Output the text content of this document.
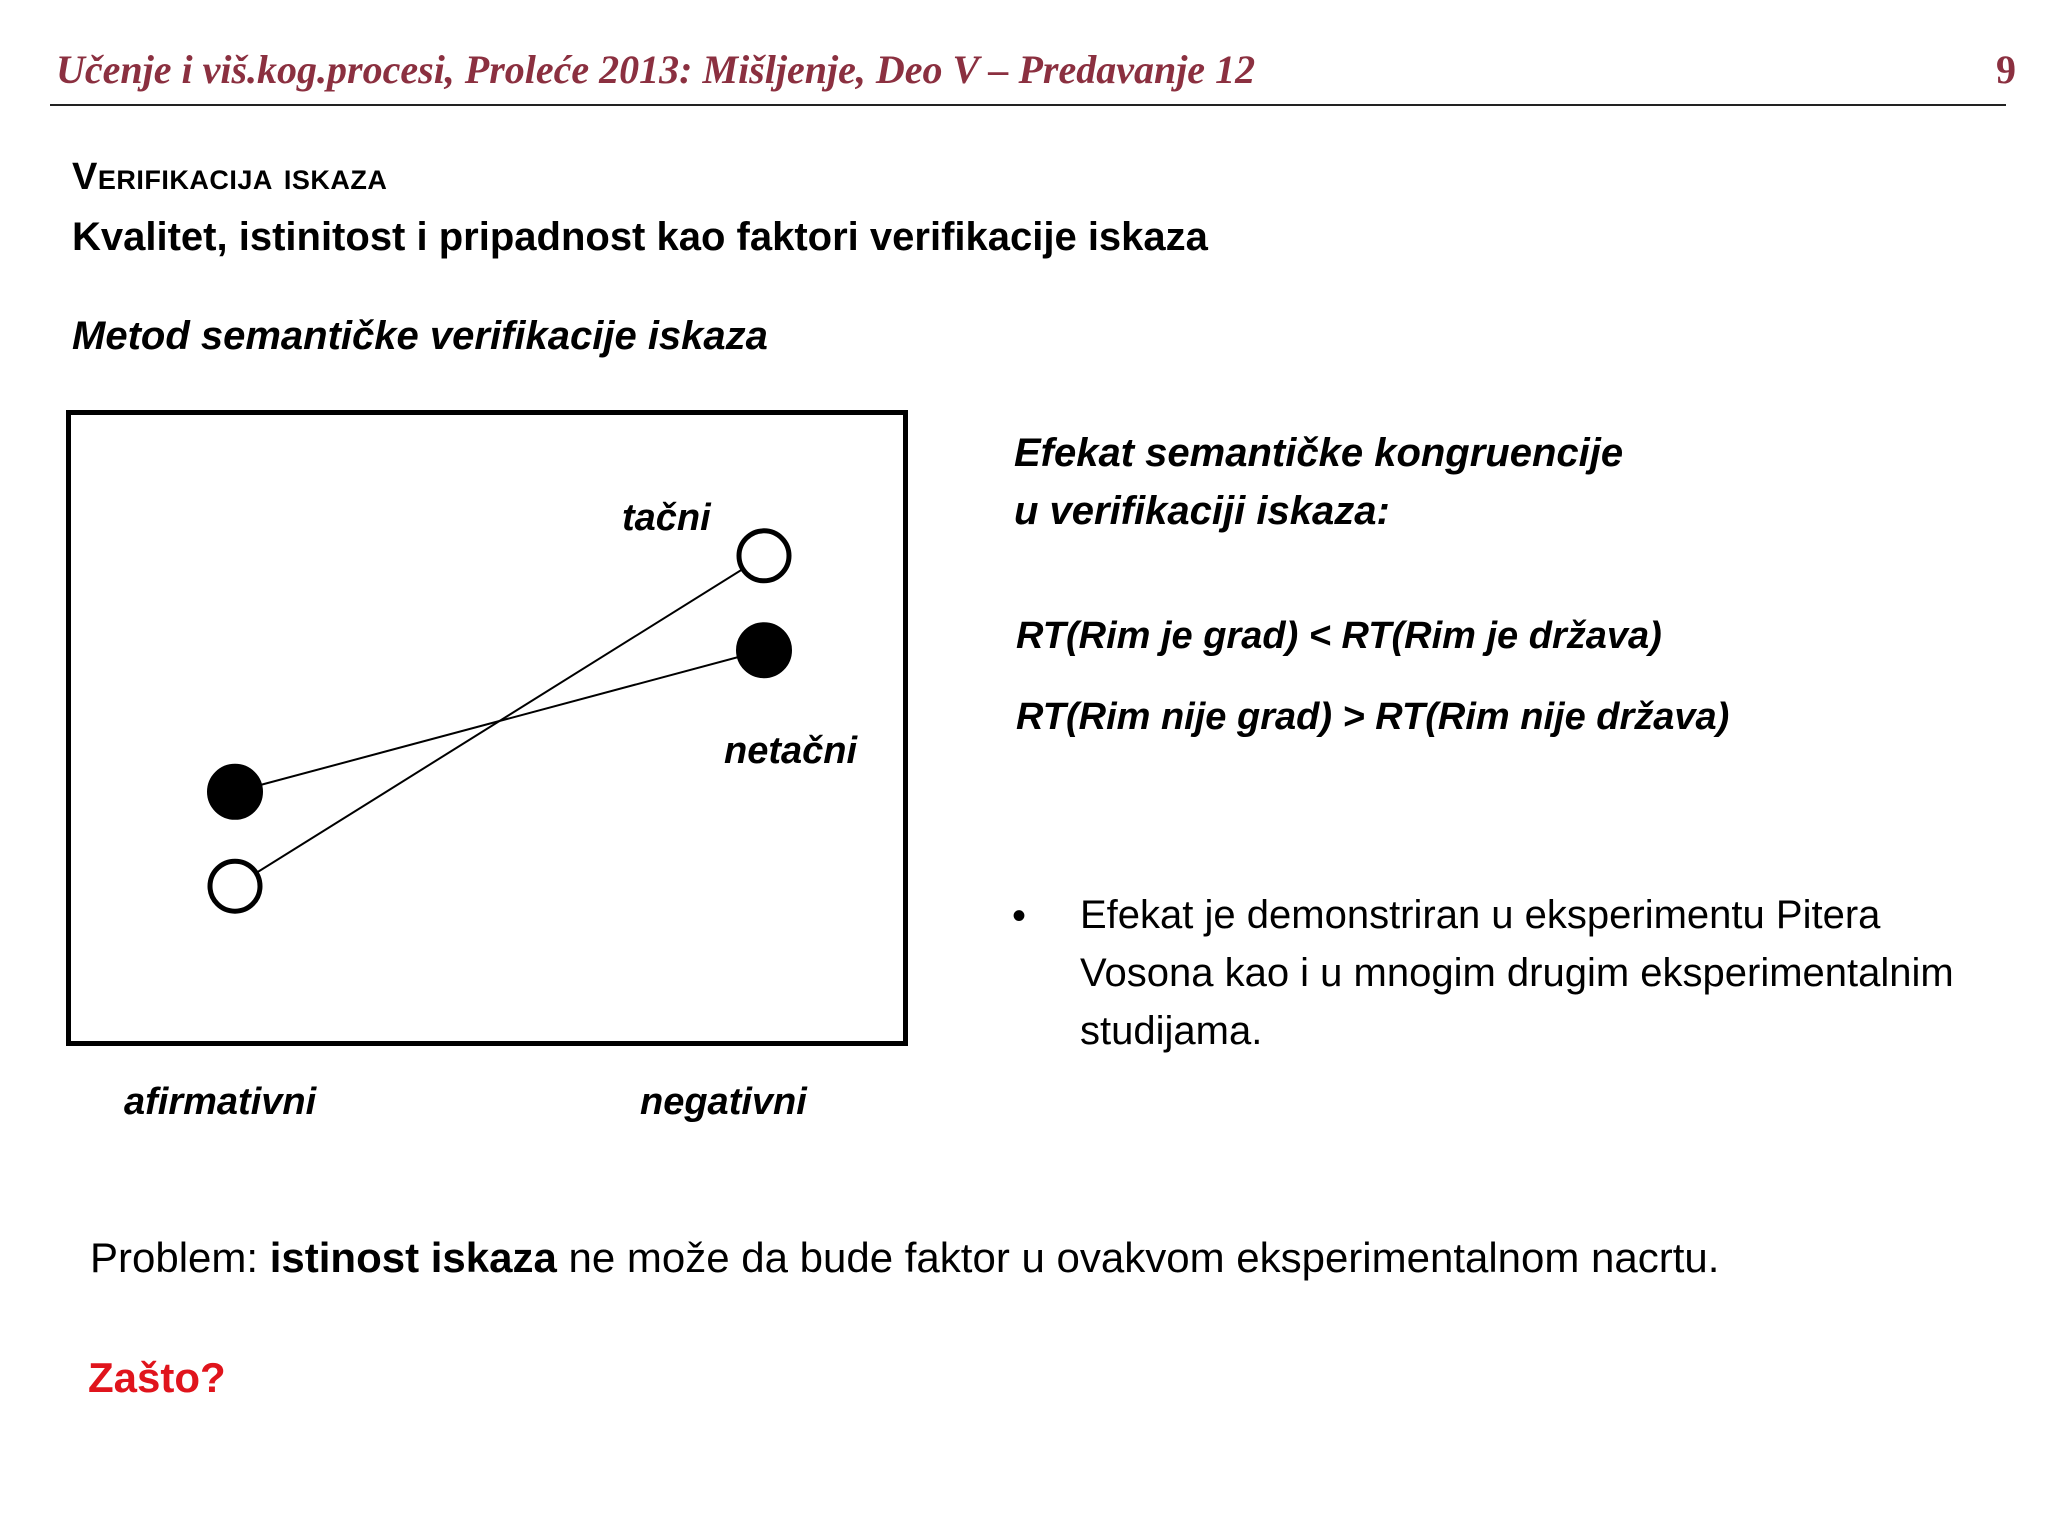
Učenje i viš.kog.procesi, Proleće 2013: Mišljenje, Deo V – Predavanje 12	9
Verifikacija iskaza
Kvalitet, istinitost i pripadnost kao faktori verifikacije iskaza
Metod semantičke verifikacije iskaza
tačni
netačni
afirmativni	negativni
Efekat semantičke kongruencije
u verifikaciji iskaza:
RT(Rim je grad) < RT(Rim je država)
RT(Rim nije grad) > RT(Rim nije država)
• Efekat je demonstriran u eksperimentu Pitera Vosona kao i u mnogim drugim eksperimentalnim studijama.
Problem: istinost iskaza ne može da bude faktor u ovakvom eksperimentalnom nacrtu.
Zašto?
